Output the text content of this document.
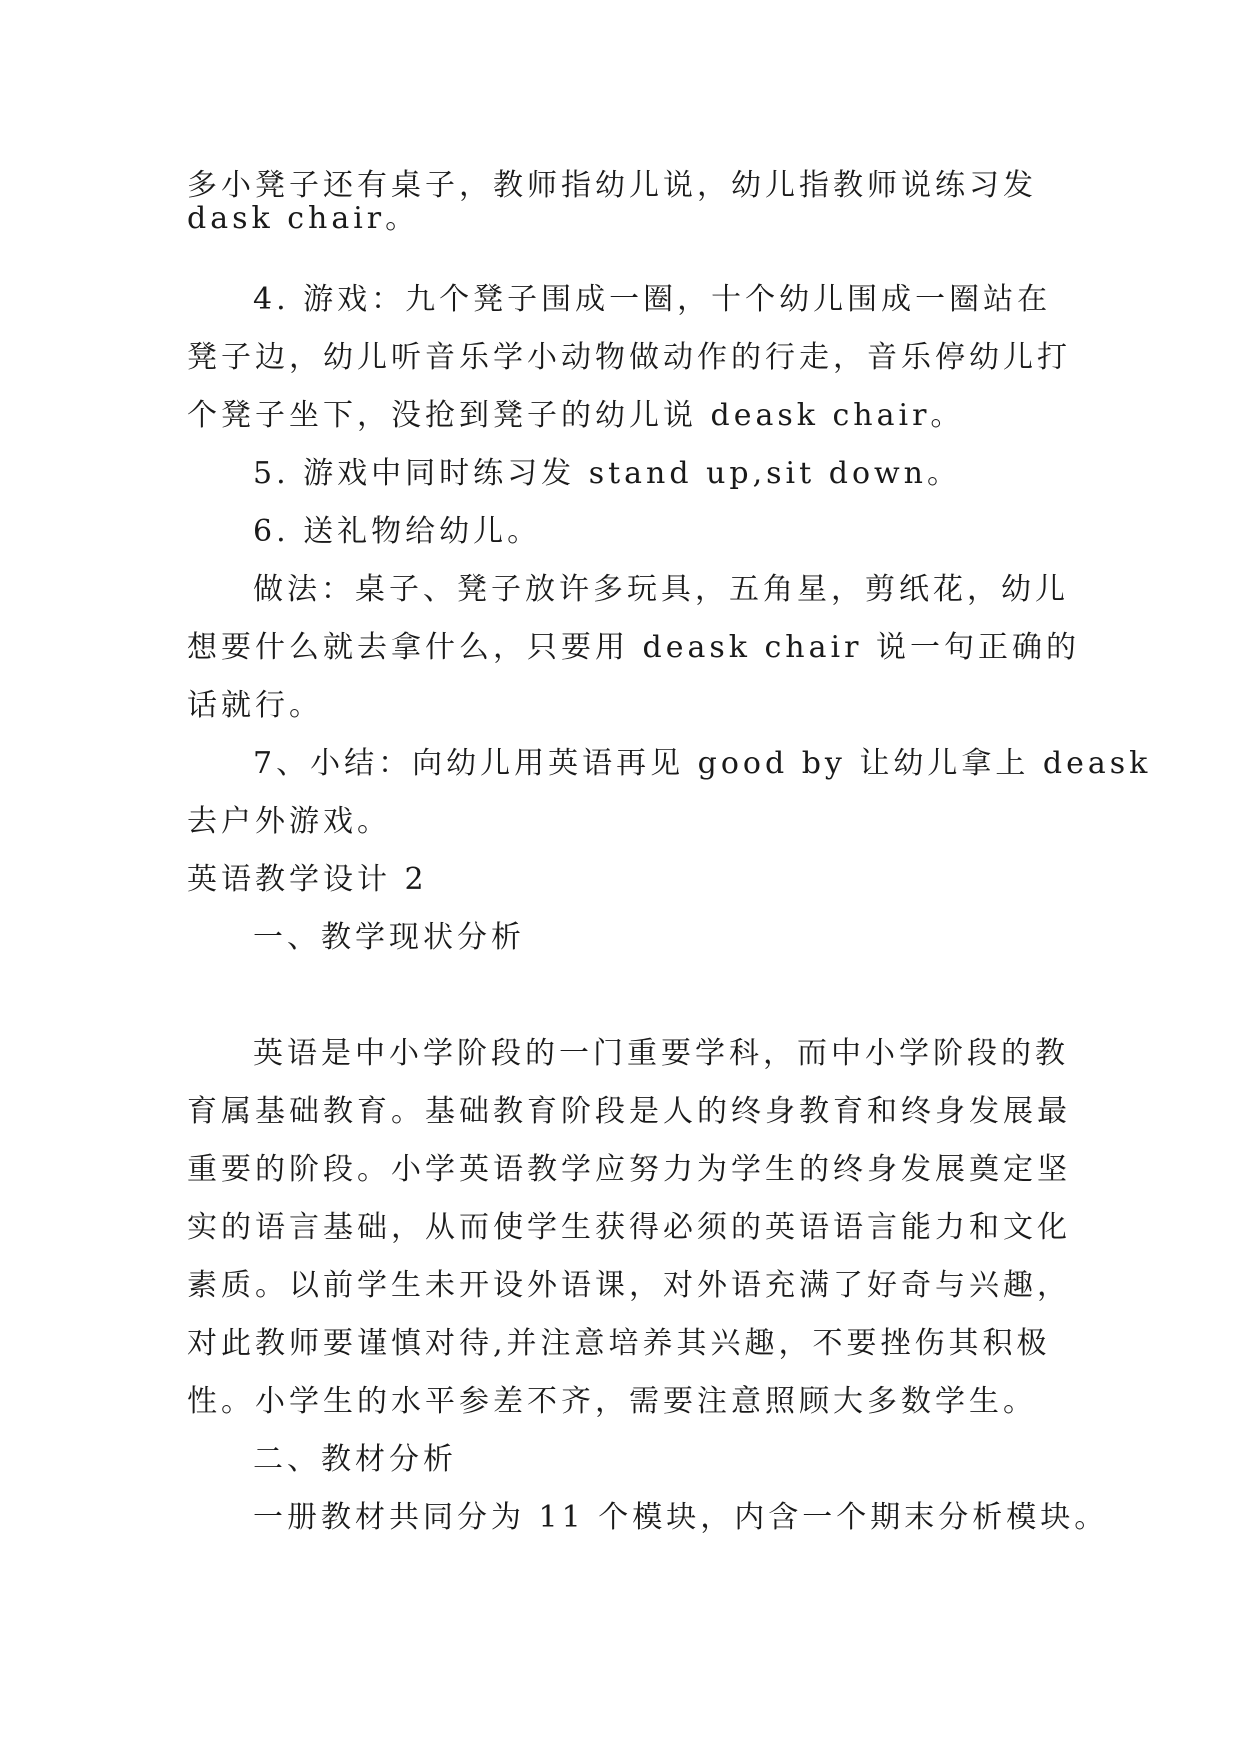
多小凳子还有桌子，教师指幼儿说，幼儿指教师说练习发
dask chair。
4. 游戏：九个凳子围成一圈，十个幼儿围成一圈站在
凳子边，幼儿听音乐学小动物做动作的行走，音乐停幼儿打
个凳子坐下，没抢到凳子的幼儿说 deask chair。
5. 游戏中同时练习发 stand up,sit down。
6. 送礼物给幼儿。
做法：桌子、凳子放许多玩具，五角星，剪纸花，幼儿
想要什么就去拿什么，只要用 deask chair 说一句正确的
话就行。
7、小结：向幼儿用英语再见 good by 让幼儿拿上 deask
去户外游戏。
英语教学设计 2
一、教学现状分析
英语是中小学阶段的一门重要学科，而中小学阶段的教
育属基础教育。基础教育阶段是人的终身教育和终身发展最
重要的阶段。小学英语教学应努力为学生的终身发展奠定坚
实的语言基础，从而使学生获得必须的英语语言能力和文化
素质。以前学生未开设外语课，对外语充满了好奇与兴趣，
对此教师要谨慎对待,并注意培养其兴趣，不要挫伤其积极
性。小学生的水平参差不齐，需要注意照顾大多数学生。
二、教材分析
一册教材共同分为 11 个模块，内含一个期末分析模块。
